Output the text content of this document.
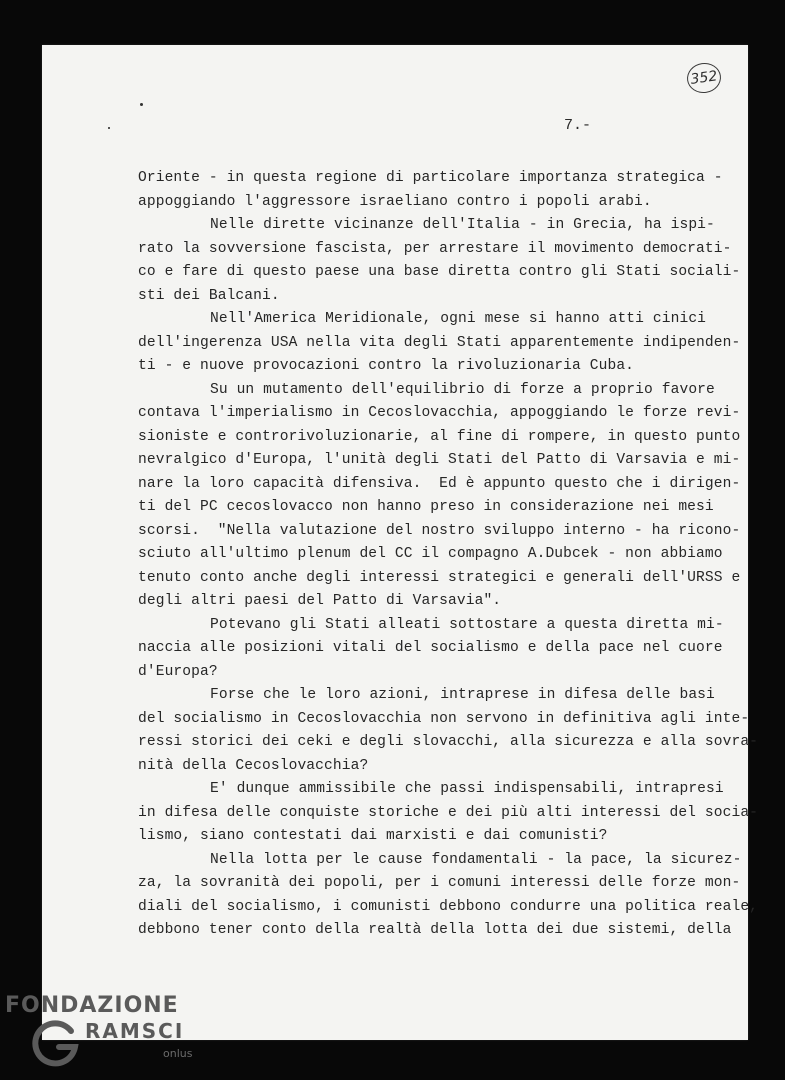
352
7.-
Oriente - in questa regione di particolare importanza strategica -
appoggiando l'aggressore israeliano contro i popoli arabi.
Nelle dirette vicinanze dell'Italia - in Grecia, ha ispi-
rato la sovversione fascista, per arrestare il movimento democrati-
co e fare di questo paese una base diretta contro gli Stati sociali-
sti dei Balcani.
Nell'America Meridionale, ogni mese si hanno atti cinici
dell'ingerenza USA nella vita degli Stati apparentemente indipenden-
ti - e nuove provocazioni contro la rivoluzionaria Cuba.
Su un mutamento dell'equilibrio di forze a proprio favore
contava l'imperialismo in Cecoslovacchia, appoggiando le forze revi-
sioniste e controrivoluzionarie, al fine di rompere, in questo punto
nevralgico d'Europa, l'unità degli Stati del Patto di Varsavia e mi-
nare la loro capacità difensiva.  Ed è appunto questo che i dirigen-
ti del PC cecoslovacco non hanno preso in considerazione nei mesi
scorsi.  "Nella valutazione del nostro sviluppo interno - ha ricono-
sciuto all'ultimo plenum del CC il compagno A.Dubcek - non abbiamo
tenuto conto anche degli interessi strategici e generali dell'URSS e
degli altri paesi del Patto di Varsavia".
Potevano gli Stati alleati sottostare a questa diretta mi-
naccia alle posizioni vitali del socialismo e della pace nel cuore
d'Europa?
Forse che le loro azioni, intraprese in difesa delle basi
del socialismo in Cecoslovacchia non servono in definitiva agli inte-
ressi storici dei ceki e degli slovacchi, alla sicurezza e alla sovra-
nità della Cecoslovacchia?
E' dunque ammissibile che passi indispensabili, intrapresi
in difesa delle conquiste storiche e dei più alti interessi del socia-
lismo, siano contestati dai marxisti e dai comunisti?
Nella lotta per le cause fondamentali - la pace, la sicurez-
za, la sovranità dei popoli, per i comuni interessi delle forze mon-
diali del socialismo, i comunisti debbono condurre una politica reale,
debbono tener conto della realtà della lotta dei due sistemi, della
FONDAZIONE
RAMSCI
onlus
